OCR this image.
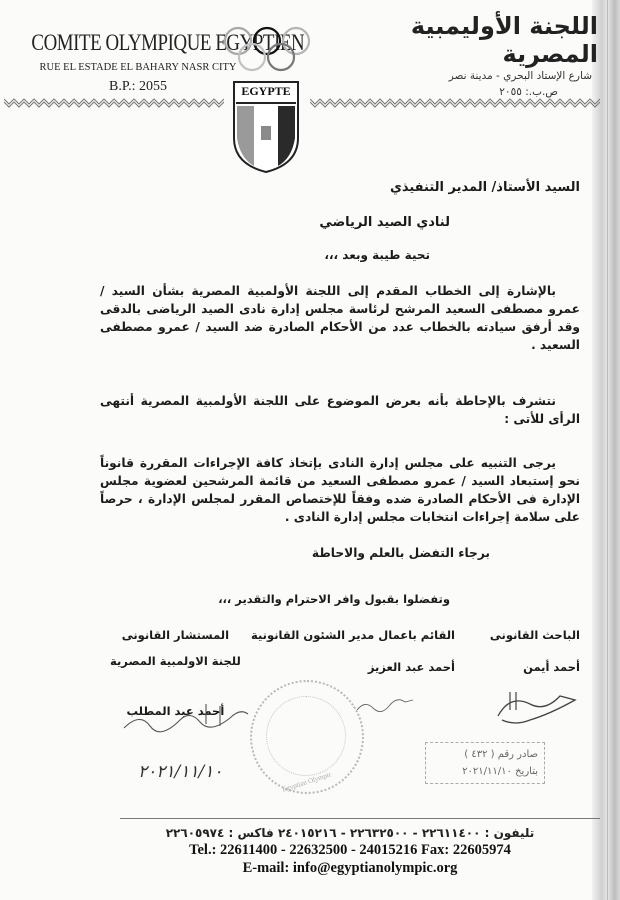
COMITE OLYMPIQUE EGYPTIEN
RUE EL ESTADE EL BAHARY NASR CITY
B.P.: 2055	EGYPTE
اللجنة الأوليمبية المصرية
شارع الإستاد البحري - مدينة نصر
ص.ب.: ٢٠٥٥
السيد الأستاذ/ المدير التنفيذي
لنادي الصيد الرياضي
تحية طيبة وبعد ،،،
بالإشارة إلى الخطاب المقدم إلى اللجنة الأولمبية المصرية بشأن السيد / عمرو مصطفى السعيد المرشح لرئاسة مجلس إدارة نادى الصيد الرياضى بالدقى وقد أرفق سيادته بالخطاب عدد من الأحكام الصادرة ضد السيد / عمرو مصطفى السعيد .
نتشرف بالإحاطة بأنه بعرض الموضوع على اللجنة الأولمبية المصرية أنتهى الرأى للأتى :
يرجى التنبيه على مجلس إدارة النادى بإتخاذ كافة الإجراءات المقررة قانوناً نحو إستبعاد السيد / عمرو مصطفى السعيد من قائمة المرشحين لعضوية مجلس الإدارة فى الأحكام الصادرة ضده وفقاً للإختصاص المقرر لمجلس الإدارة ، حرصاً على سلامة إجراءات انتخابات مجلس إدارة النادى .
برجاء التفضل بالعلم والاحاطة
وتفضلوا بقبول وافر الاحترام والتقدير ،،،
الباحث القانونى
أحمد أيمن
القائم باعمال مدير الشئون القانونية
أحمد عبد العزيز
المستشار القانونى
للجنة الاولمبية المصرية
أحمد عبد المطلب
Egyptian Olympic
٢٠٢١/١١/١٠
صادر رقم ( ٤٣٢ )
بتاريخ ٢٠٢١/١١/١٠
تليفون : ٢٢٦١١٤٠٠ - ٢٢٦٣٢٥٠٠ - ٢٤٠١٥٢١٦ فاكس : ٢٢٦٠٥٩٧٤
Tel.: 22611400 - 22632500 - 24015216 Fax: 22605974
E-mail: info@egyptianolympic.org
